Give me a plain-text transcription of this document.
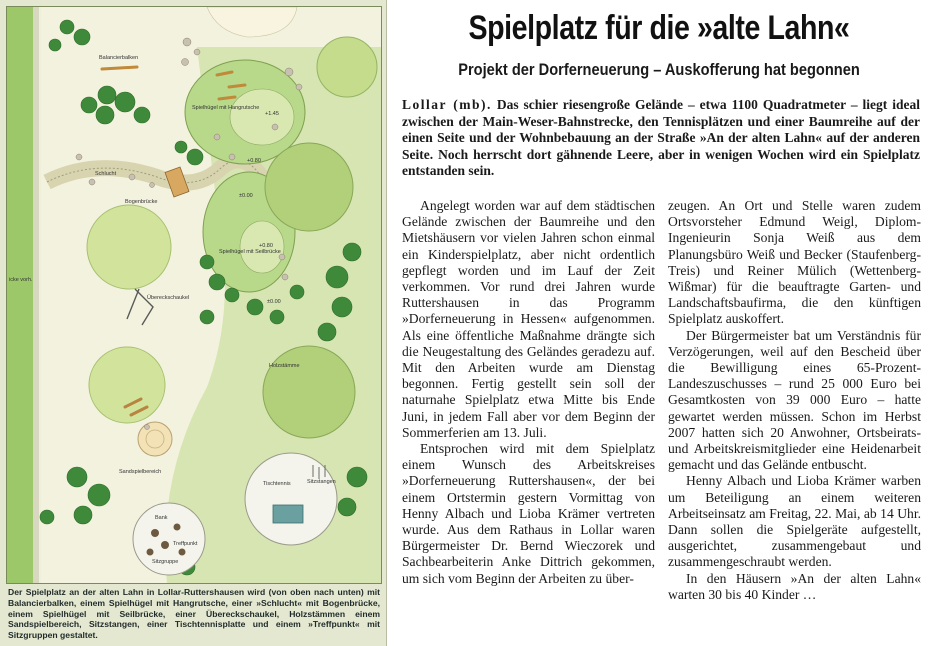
Balancierbalken
Spielhügel mit Hangrutsche
Schlucht
Bogenbrücke
Spielhügel mit Seilbrücke
Übereckschaukel
Holzstämme
Sandspielbereich
Tischtennis	Sitzstangen
Treffpunkt
Sitzgruppe
Bank
icke vorh.
+1.45
+0.80
±0.00
+0.80
±0.00

Der Spielplatz an der alten Lahn in Lollar-Ruttershausen wird (von oben nach unten) mit Balancierbalken, einem Spielhügel mit Hangrutsche, einer »Schlucht« mit Bogenbrücke, einem Spielhügel mit Seilbrücke, einer Übereckschaukel, Holzstämmen einem Sandspielbereich, Sitzstangen, einer Tischtennisplatte und einem »Treffpunkt« mit Sitzgruppen gestaltet.

Spielplatz für die »alte Lahn«
Projekt der Dorferneuerung – Auskofferung hat begonnen

Lollar (mb). Das schier riesengroße Gelände – etwa 1100 Quadratmeter – liegt ideal zwischen der Main-Weser-Bahnstrecke, den Tennisplätzen und einer Baumreihe auf der einen Seite und der Wohnbebauung an der Straße »An der alten Lahn« auf der anderen Seite. Noch herrscht dort gähnende Leere, aber in wenigen Wochen wird ein Spielplatz entstanden sein.

Angelegt worden war auf dem städtischen Gelände zwischen der Baumreihe und den Mietshäusern vor vielen Jahren schon einmal ein Kinderspielplatz, aber nicht ordentlich gepflegt worden und im Lauf der Zeit verkommen. Vor rund drei Jahren wurde Ruttershausen in das Programm »Dorferneuerung in Hessen« aufgenommen. Als eine öffentliche Maßnahme drängte sich die Neugestaltung des Geländes geradezu auf. Mit den Arbeiten wurde am Dienstag begonnen. Fertig gestellt sein soll der naturnahe Spielplatz etwa Mitte bis Ende Juni, in jedem Fall aber vor dem Beginn der Sommerferien am 13. Juli.

Entsprochen wird mit dem Spielplatz einem Wunsch des Arbeitskreises »Dorferneuerung Ruttershausen«, der bei einem Ortstermin gestern Vormittag von Henny Albach und Lioba Krämer vertreten wurde. Aus dem Rathaus in Lollar waren Bürgermeister Dr. Bernd Wieczorek und Sachbearbeiterin Anke Dittrich gekommen, um sich vom Beginn der Arbeiten zu über-

zeugen. An Ort und Stelle waren zudem Ortsvorsteher Edmund Weigl, Diplom-Ingenieurin Sonja Weiß aus dem Planungsbüro Weiß und Becker (Staufenberg-Treis) und Reiner Mülich (Wettenberg-Wißmar) für die beauftragte Garten- und Landschaftsbaufirma, die den künftigen Spielplatz auskoffert.

Der Bürgermeister bat um Verständnis für Verzögerungen, weil auf den Bescheid über die Bewilligung eines 65-Prozent-Landeszuschusses – rund 25 000 Euro bei Gesamtkosten von 39 000 Euro – hatte gewartet werden müssen. Schon im Herbst 2007 hatten sich 20 Anwohner, Ortsbeirats- und Arbeitskreismitglieder eine Heidenarbeit gemacht und das Gelände entbuscht.

Henny Albach und Lioba Krämer warben um Beteiligung an einem weiteren Arbeitseinsatz am Freitag, 22. Mai, ab 14 Uhr. Dann sollen die Spielgeräte aufgestellt, ausgerichtet, zusammengebaut und zusammengeschraubt werden.

In den Häusern »An der alten Lahn« warten 30 bis 40 Kinder …
